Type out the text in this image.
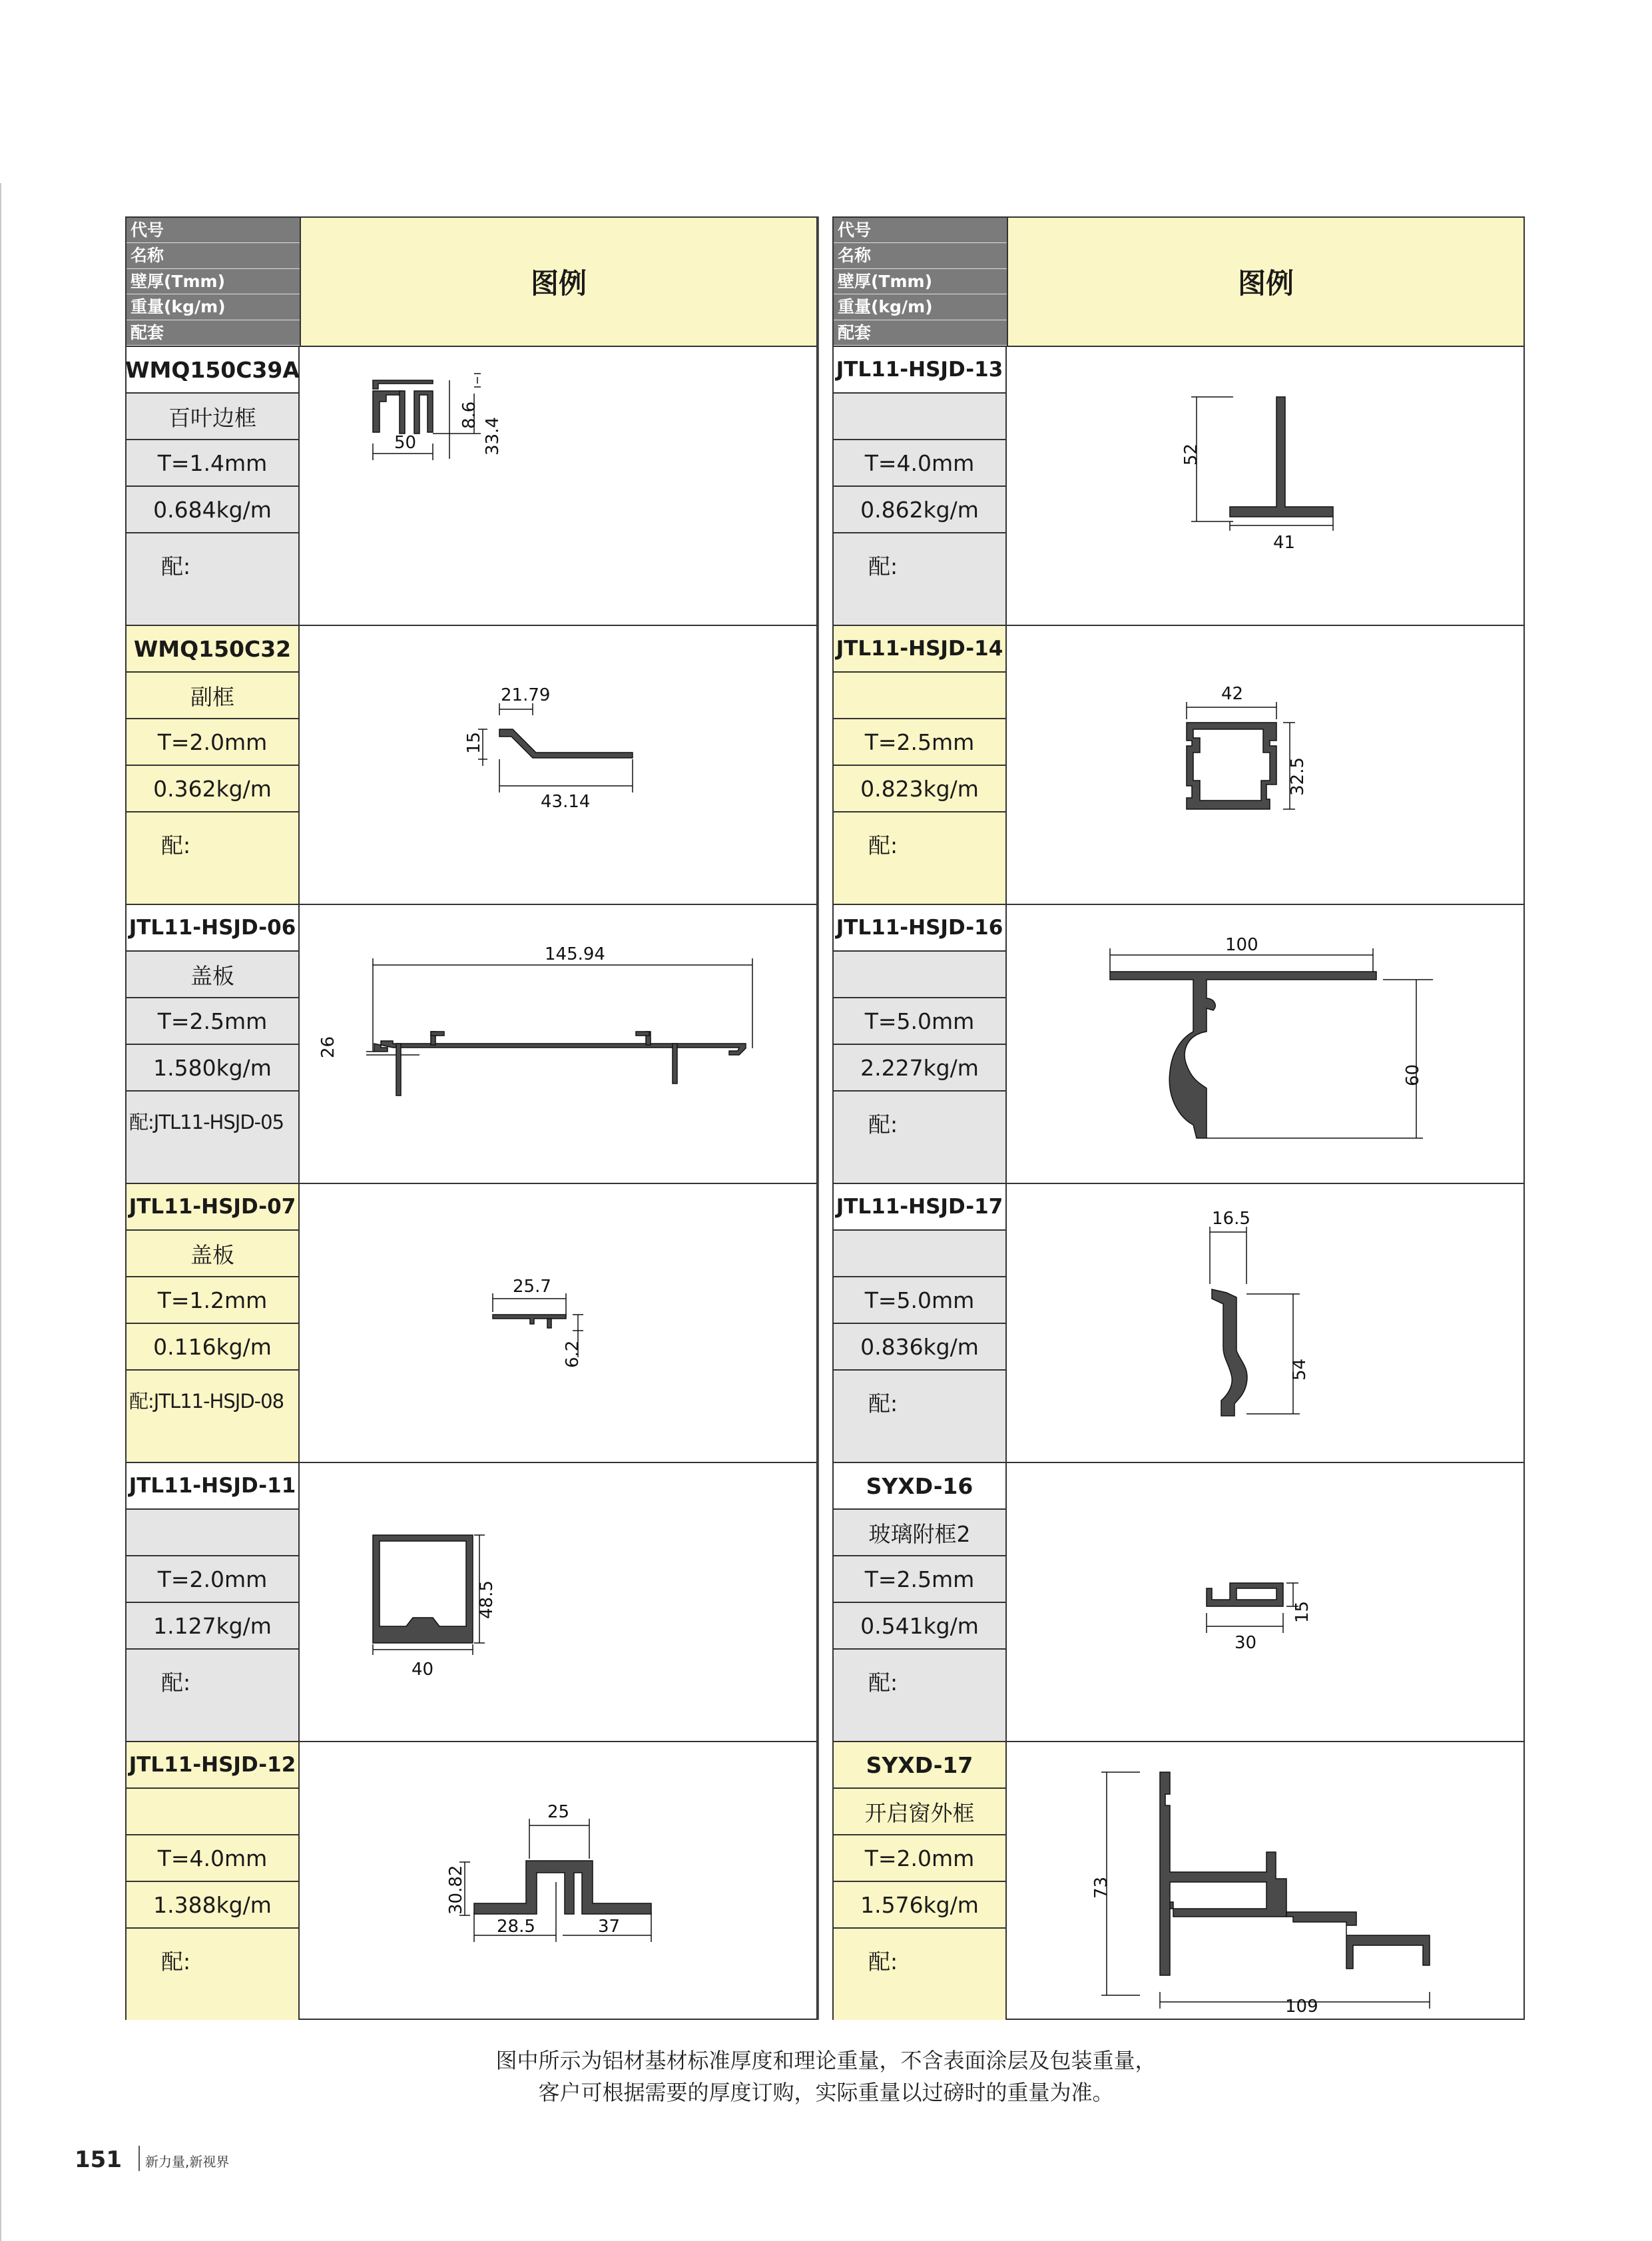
代号
名称
壁厚(Tmm)
重量(kg/m)
配套
图例
WMQ150C39A
百叶边框
T=1.4mm
0.684kg/m
配:
8.6
33.4
50
WMQ150C32
副框
T=2.0mm
0.362kg/m
配:
21.79
15
43.14
JTL11-HSJD-06
盖板
T=2.5mm
1.580kg/m
配:JTL11-HSJD-05
145.94
26
JTL11-HSJD-07
盖板
T=1.2mm
0.116kg/m
配:JTL11-HSJD-08
25.7
6.2
JTL11-HSJD-11
T=2.0mm
1.127kg/m
配:
48.5
40
JTL11-HSJD-12
T=4.0mm
1.388kg/m
配:
25
30.82
28.5	37
代号
名称
壁厚(Tmm)
重量(kg/m)
配套
图例
JTL11-HSJD-13
T=4.0mm
0.862kg/m
配:
52
41
JTL11-HSJD-14
T=2.5mm
0.823kg/m
配:
42
32.5
JTL11-HSJD-16
T=5.0mm
2.227kg/m
配:
100
60
JTL11-HSJD-17
T=5.0mm
0.836kg/m
配:
16.5
54
SYXD-16
玻璃附框2
T=2.5mm
0.541kg/m
配:
15
30
SYXD-17
开启窗外框
T=2.0mm
1.576kg/m
配:
73
109
图中所示为铝材基材标准厚度和理论重量，不含表面涂层及包装重量，
客户可根据需要的厚度订购，实际重量以过磅时的重量为准。
151 新力量,新视界
